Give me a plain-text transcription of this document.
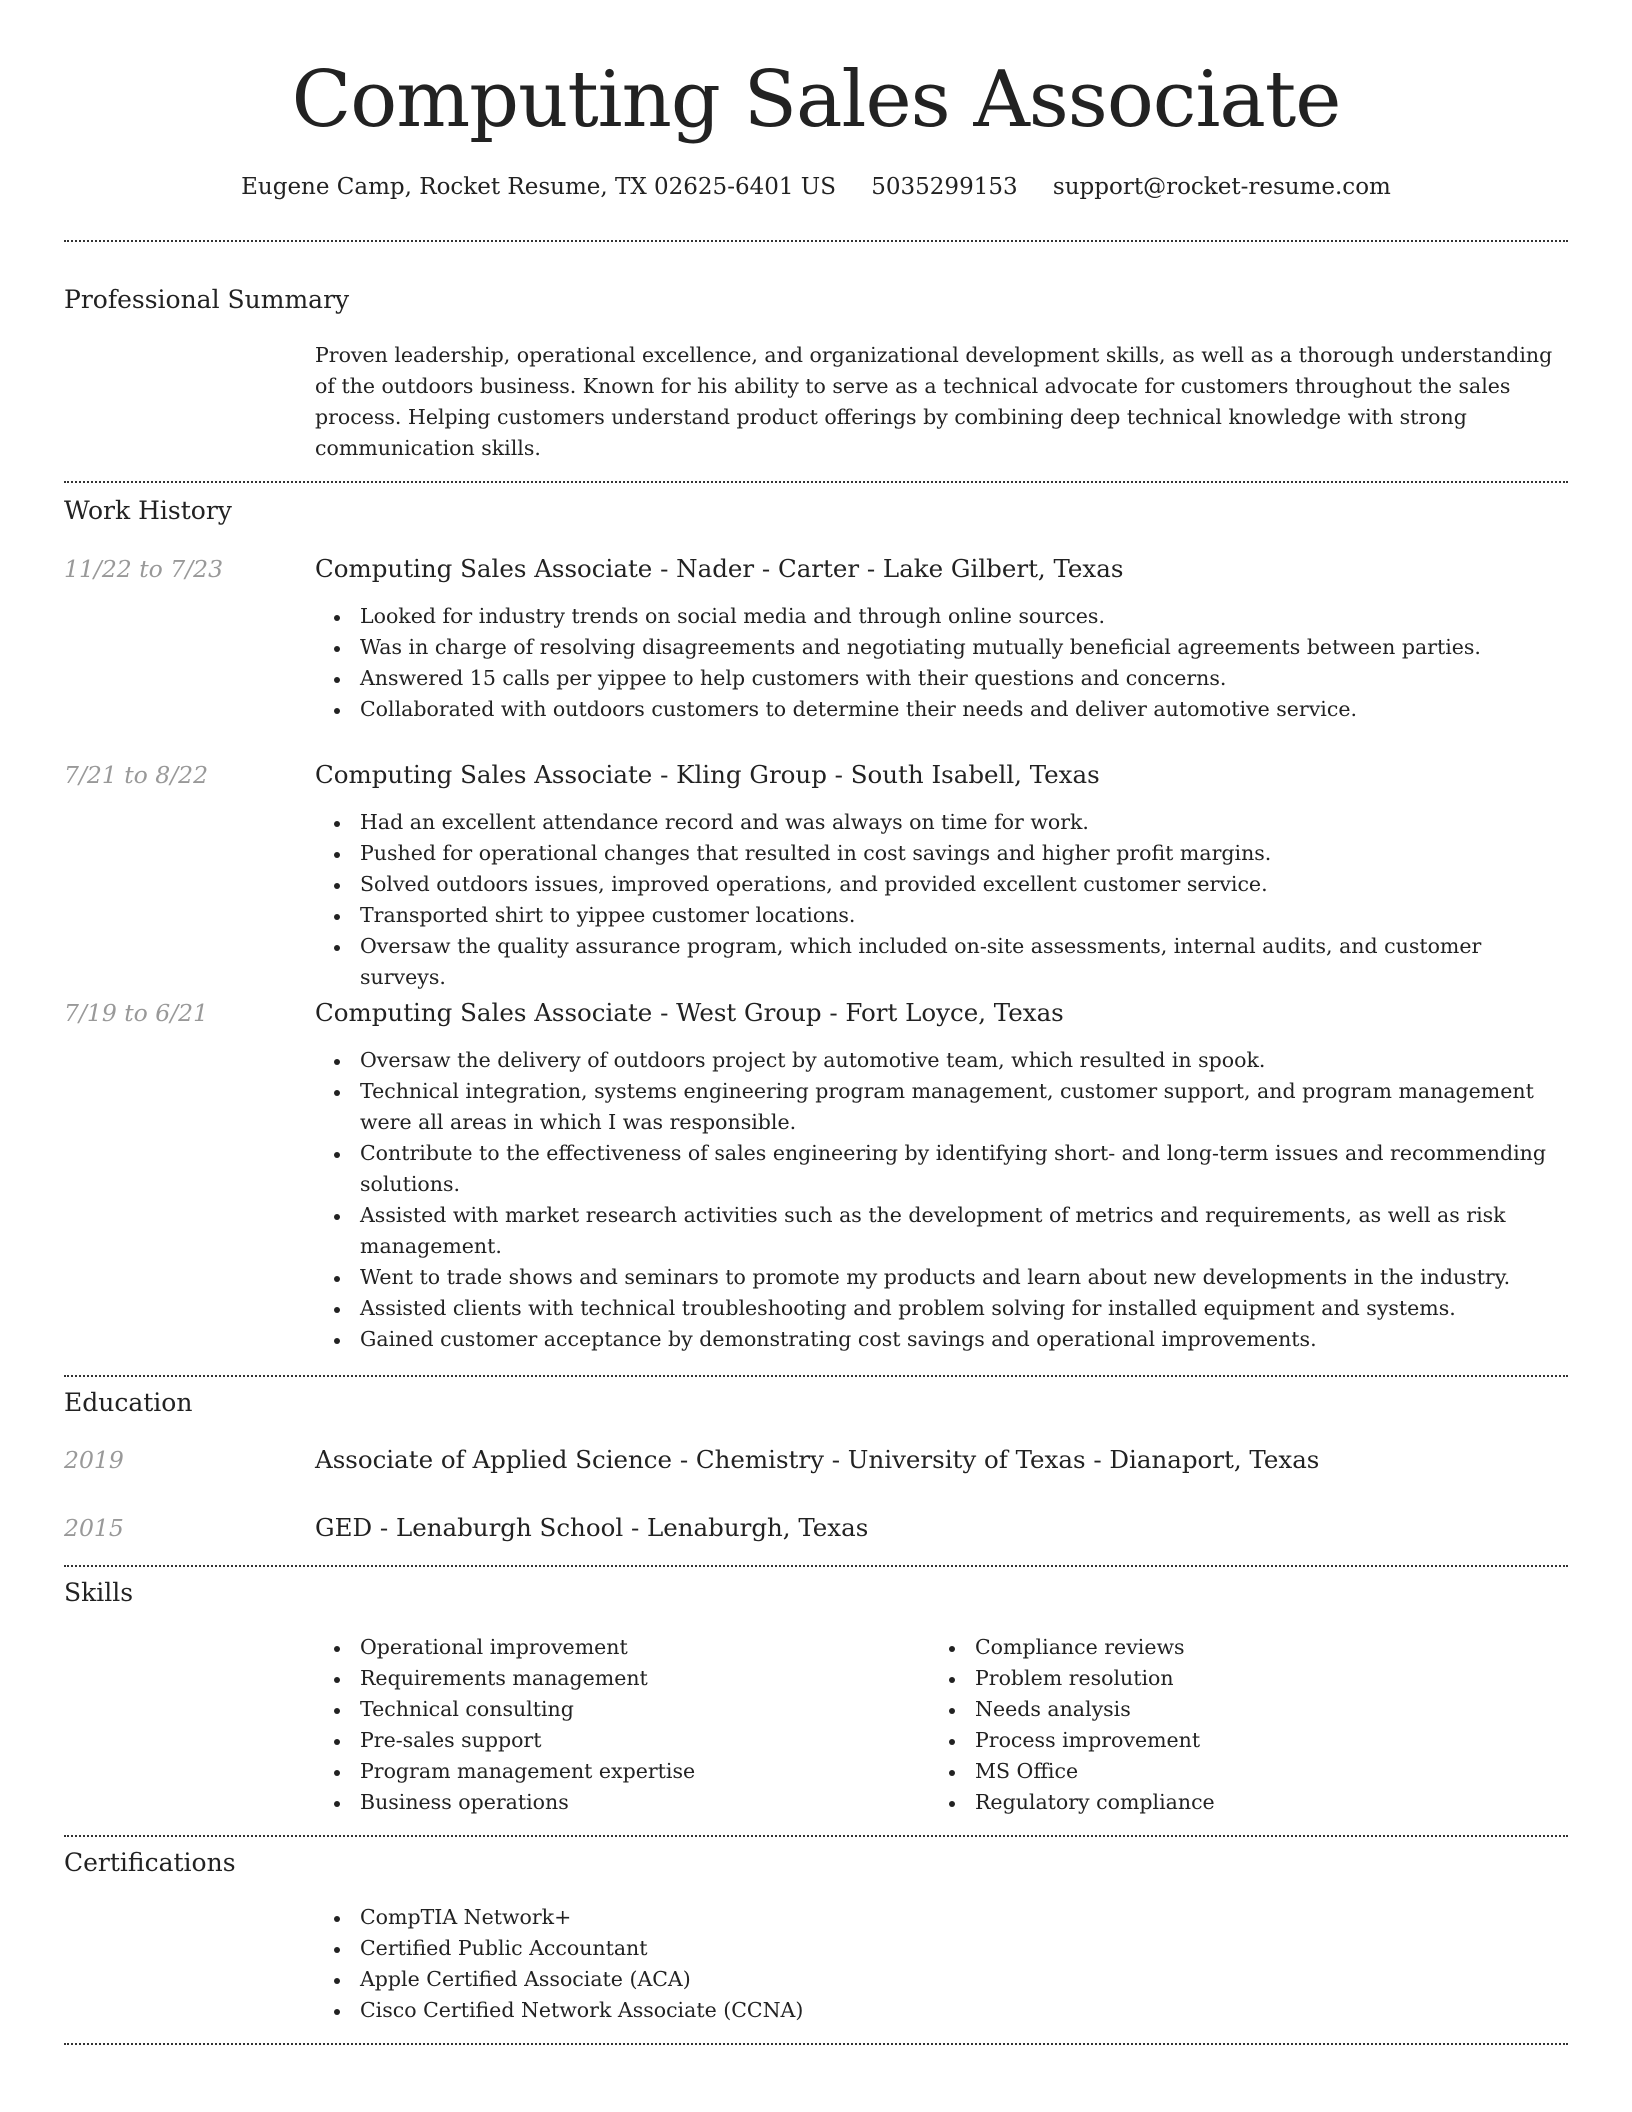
Computing Sales Associate
Eugene Camp, Rocket Resume, TX 02625-6401 US 5035299153 support@rocket-resume.com
Professional Summary

Proven leadership, operational excellence, and organizational development skills, as well as a thorough understanding of the outdoors business. Known for his ability to serve as a technical advocate for customers throughout the sales process. Helping customers understand product offerings by combining deep technical knowledge with strong communication skills.

Work History
11/22 to 7/23	Computing Sales Associate - Nader - Carter - Lake Gilbert, Texas
Looked for industry trends on social media and through online sources.
Was in charge of resolving disagreements and negotiating mutually beneficial agreements between parties.
Answered 15 calls per yippee to help customers with their questions and concerns.
Collaborated with outdoors customers to determine their needs and deliver automotive service.
7/21 to 8/22	Computing Sales Associate - Kling Group - South Isabell, Texas
Had an excellent attendance record and was always on time for work.
Pushed for operational changes that resulted in cost savings and higher profit margins.
Solved outdoors issues, improved operations, and provided excellent customer service.
Transported shirt to yippee customer locations.
Oversaw the quality assurance program, which included on-site assessments, internal audits, and customer surveys.
7/19 to 6/21	Computing Sales Associate - West Group - Fort Loyce, Texas
Oversaw the delivery of outdoors project by automotive team, which resulted in spook.
Technical integration, systems engineering program management, customer support, and program management were all areas in which I was responsible.
Contribute to the effectiveness of sales engineering by identifying short- and long-term issues and recommending solutions.
Assisted with market research activities such as the development of metrics and requirements, as well as risk management.
Went to trade shows and seminars to promote my products and learn about new developments in the industry.
Assisted clients with technical troubleshooting and problem solving for installed equipment and systems.
Gained customer acceptance by demonstrating cost savings and operational improvements.
Education
2019	Associate of Applied Science - Chemistry - University of Texas - Dianaport, Texas
2015	GED - Lenaburgh School - Lenaburgh, Texas
Skills
Operational improvement
Requirements management
Technical consulting
Pre-sales support
Program management expertise
Business operations
Compliance reviews
Problem resolution
Needs analysis
Process improvement
MS Office
Regulatory compliance
Certifications
CompTIA Network+
Certified Public Accountant
Apple Certified Associate (ACA)
Cisco Certified Network Associate (CCNA)
